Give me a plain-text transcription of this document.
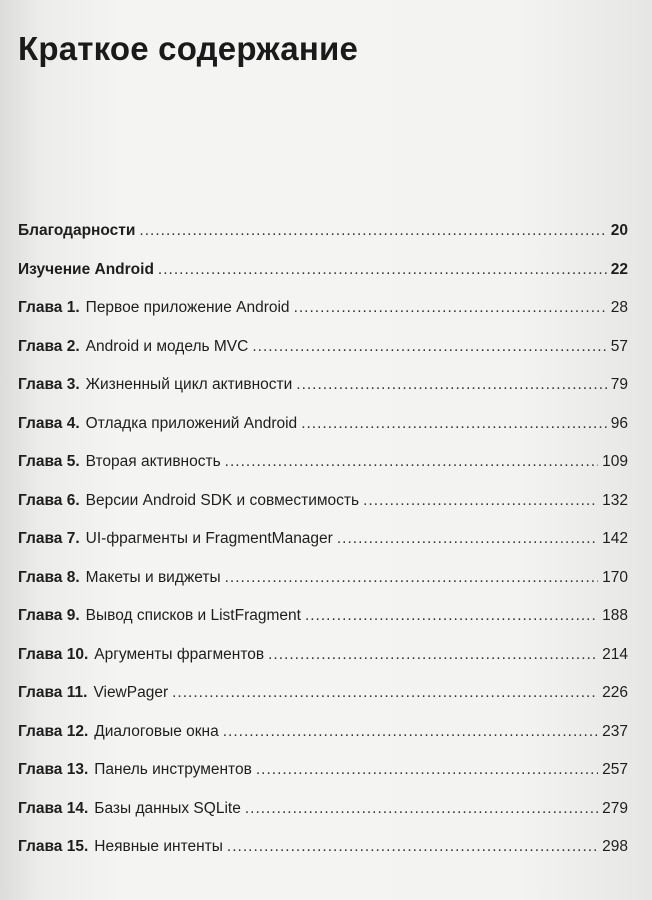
Краткое содержание
Благодарности .....	20
Изучение Android .....	22
Глава 1. Первое приложение Android .....	28
Глава 2. Android и модель MVC .....	57
Глава 3. Жизненный цикл активности .....	79
Глава 4. Отладка приложений Android .....	96
Глава 5. Вторая активность .....	109
Глава 6. Версии Android SDK и совместимость .....	132
Глава 7. UI-фрагменты и FragmentManager .....	142
Глава 8. Макеты и виджеты .....	170
Глава 9. Вывод списков и ListFragment .....	188
Глава 10. Аргументы фрагментов .....	214
Глава 11. ViewPager .....	226
Глава 12. Диалоговые окна .....	237
Глава 13. Панель инструментов .....	257
Глава 14. Базы данных SQLite .....	279
Глава 15. Неявные интенты .....	298
